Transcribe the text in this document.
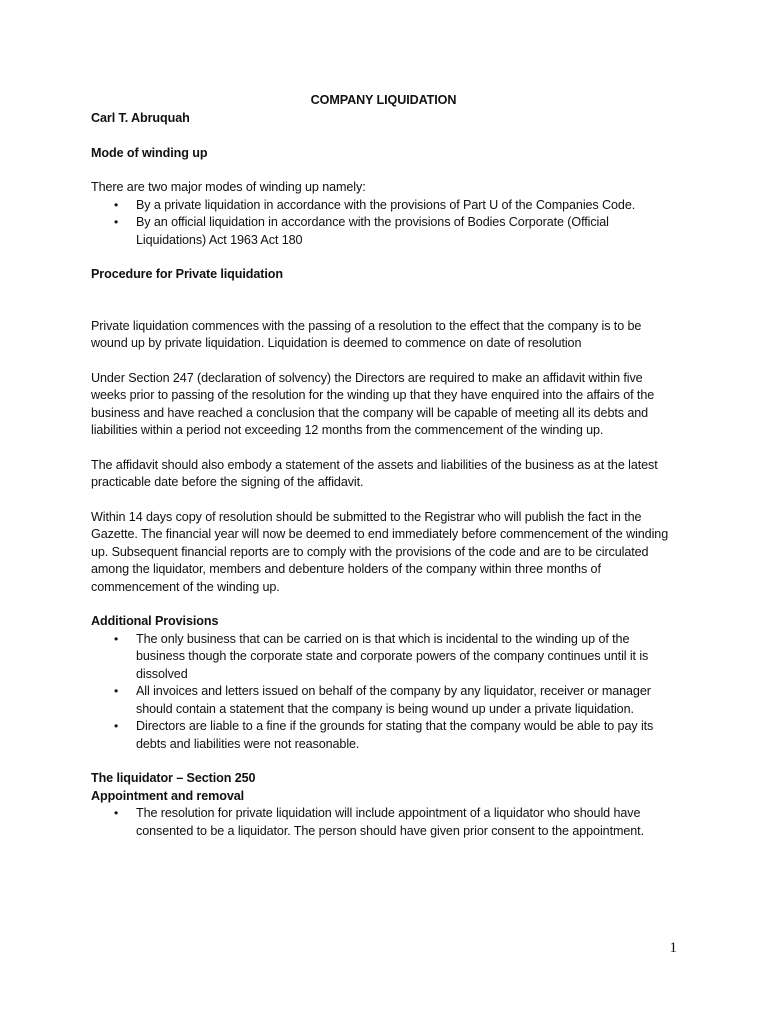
COMPANY LIQUIDATION

Carl T. Abruquah

Mode of winding up

There are two major modes of winding up namely:

• By a private liquidation in accordance with the provisions of Part U of the Companies Code.
• By an official liquidation in accordance with the provisions of Bodies Corporate (Official Liquidations) Act 1963 Act 180

Procedure for Private liquidation

Private liquidation commences with the passing of a resolution to the effect that the company is to be wound up by private liquidation. Liquidation is deemed to commence on date of resolution

Under Section 247 (declaration of solvency) the Directors are required to make an affidavit within five weeks prior to passing of the resolution for the winding up that they have enquired into the affairs of the business and have reached a conclusion that the company will be capable of meeting all its debts and liabilities within a period not exceeding 12 months from the commencement of the winding up.

The affidavit should also embody a statement of the assets and liabilities of the business as at the latest practicable date before the signing of the affidavit.

Within 14 days copy of resolution should be submitted to the Registrar who will publish the fact in the Gazette. The financial year will now be deemed to end immediately before commencement of the winding up. Subsequent financial reports are to comply with the provisions of the code and are to be circulated among the liquidator, members and debenture holders of the company within three months of commencement of the winding up.

Additional Provisions

• The only business that can be carried on is that which is incidental to the winding up of the business though the corporate state and corporate powers of the company continues until it is dissolved
• All invoices and letters issued on behalf of the company by any liquidator, receiver or manager should contain a statement that the company is being wound up under a private liquidation.
• Directors are liable to a fine if the grounds for stating that the company would be able to pay its debts and liabilities were not reasonable.

The liquidator – Section 250

Appointment and removal

• The resolution for private liquidation will include appointment of a liquidator who should have consented to be a liquidator. The person should have given prior consent to the appointment.
1
